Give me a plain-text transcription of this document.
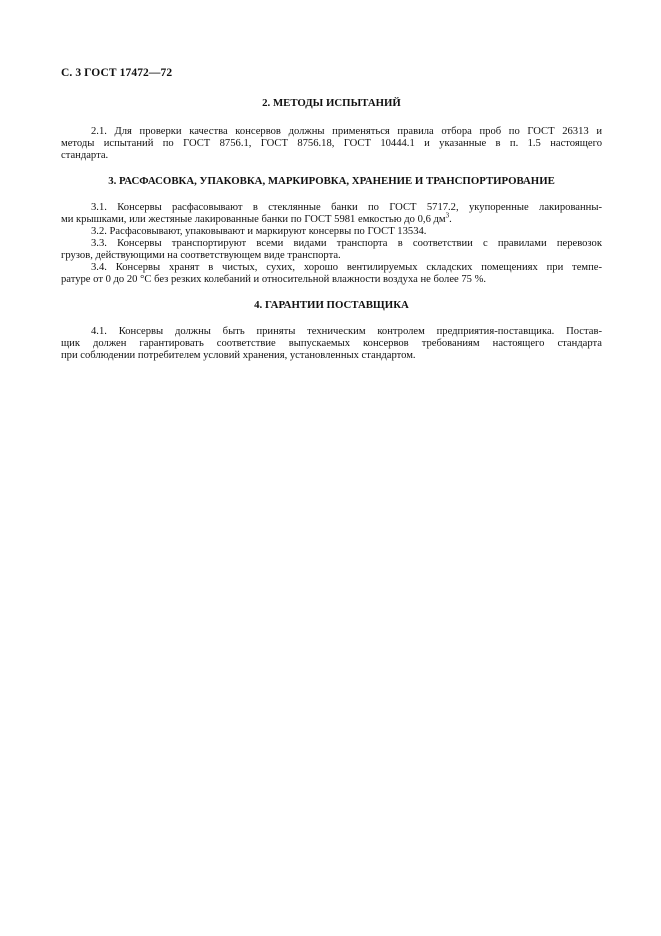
С. 3 ГОСТ 17472—72
2. МЕТОДЫ ИСПЫТАНИЙ

2.1. Для проверки качества консервов должны применяться правила отбора проб по ГОСТ 26313 и
методы испытаний по ГОСТ 8756.1, ГОСТ 8756.18, ГОСТ 10444.1 и указанные в п. 1.5 настоящего
стандарта.

3. РАСФАСОВКА, УПАКОВКА, МАРКИРОВКА, ХРАНЕНИЕ И ТРАНСПОРТИРОВАНИЕ

3.1. Консервы расфасовывают в стеклянные банки по ГОСТ 5717.2, укупоренные лакированны-
ми крышками, или жестяные лакированные банки по ГОСТ 5981 емкостью до 0,6 $дм^3$.

3.2. Расфасовывают, упаковывают и маркируют консервы по ГОСТ 13534.

3.3. Консервы транспортируют всеми видами транспорта в соответствии с правилами перевозок
грузов, действующими на соответствующем виде транспорта.

3.4. Консервы хранят в чистых, сухих, хорошо вентилируемых складских помещениях при темпе-
ратуре от 0 до 20 °С без резких колебаний и относительной влажности воздуха не более 75 %.

4. ГАРАНТИИ ПОСТАВЩИКА

4.1. Консервы должны быть приняты техническим контролем предприятия-поставщика. Постав-
щик должен гарантировать соответствие выпускаемых консервов требованиям настоящего стандарта
при соблюдении потребителем условий хранения, установленных стандартом.
